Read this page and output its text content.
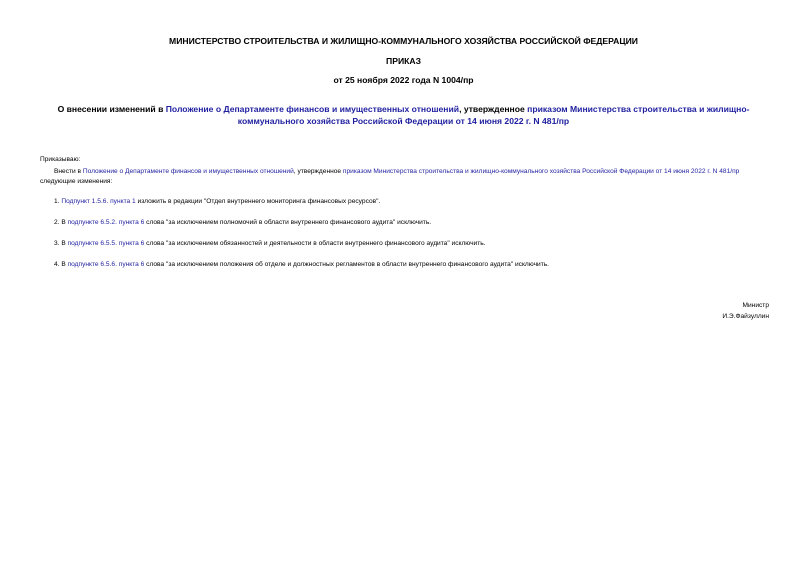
МИНИСТЕРСТВО СТРОИТЕЛЬСТВА И ЖИЛИЩНО-КОММУНАЛЬНОГО ХОЗЯЙСТВА РОССИЙСКОЙ ФЕДЕРАЦИИ
ПРИКАЗ
от 25 ноября 2022 года N 1004/пр
О внесении изменений в Положение о Департаменте финансов и имущественных отношений, утвержденное приказом Министерства строительства и жилищно-коммунального хозяйства Российской Федерации от 14 июня 2022 г. N 481/пр
Приказываю:
Внести в Положение о Департаменте финансов и имущественных отношений, утвержденное приказом Министерства строительства и жилищно-коммунального хозяйства Российской Федерации от 14 июня 2022 г. N 481/пр следующие изменения:
1. Подпункт 1.5.6. пункта 1 изложить в редакции "Отдел внутреннего мониторинга финансовых ресурсов".
2. В подпункте 6.5.2. пункта 6 слова "за исключением полномочий в области внутреннего финансового аудита" исключить.
3. В подпункте 6.5.5. пункта 6 слова "за исключением обязанностей и деятельности в области внутреннего финансового аудита" исключить.
4. В подпункте 6.5.6. пункта 6 слова "за исключением положения об отделе и должностных регламентов в области внутреннего финансового аудита" исключить.
Министр
И.Э.Файзуллин
